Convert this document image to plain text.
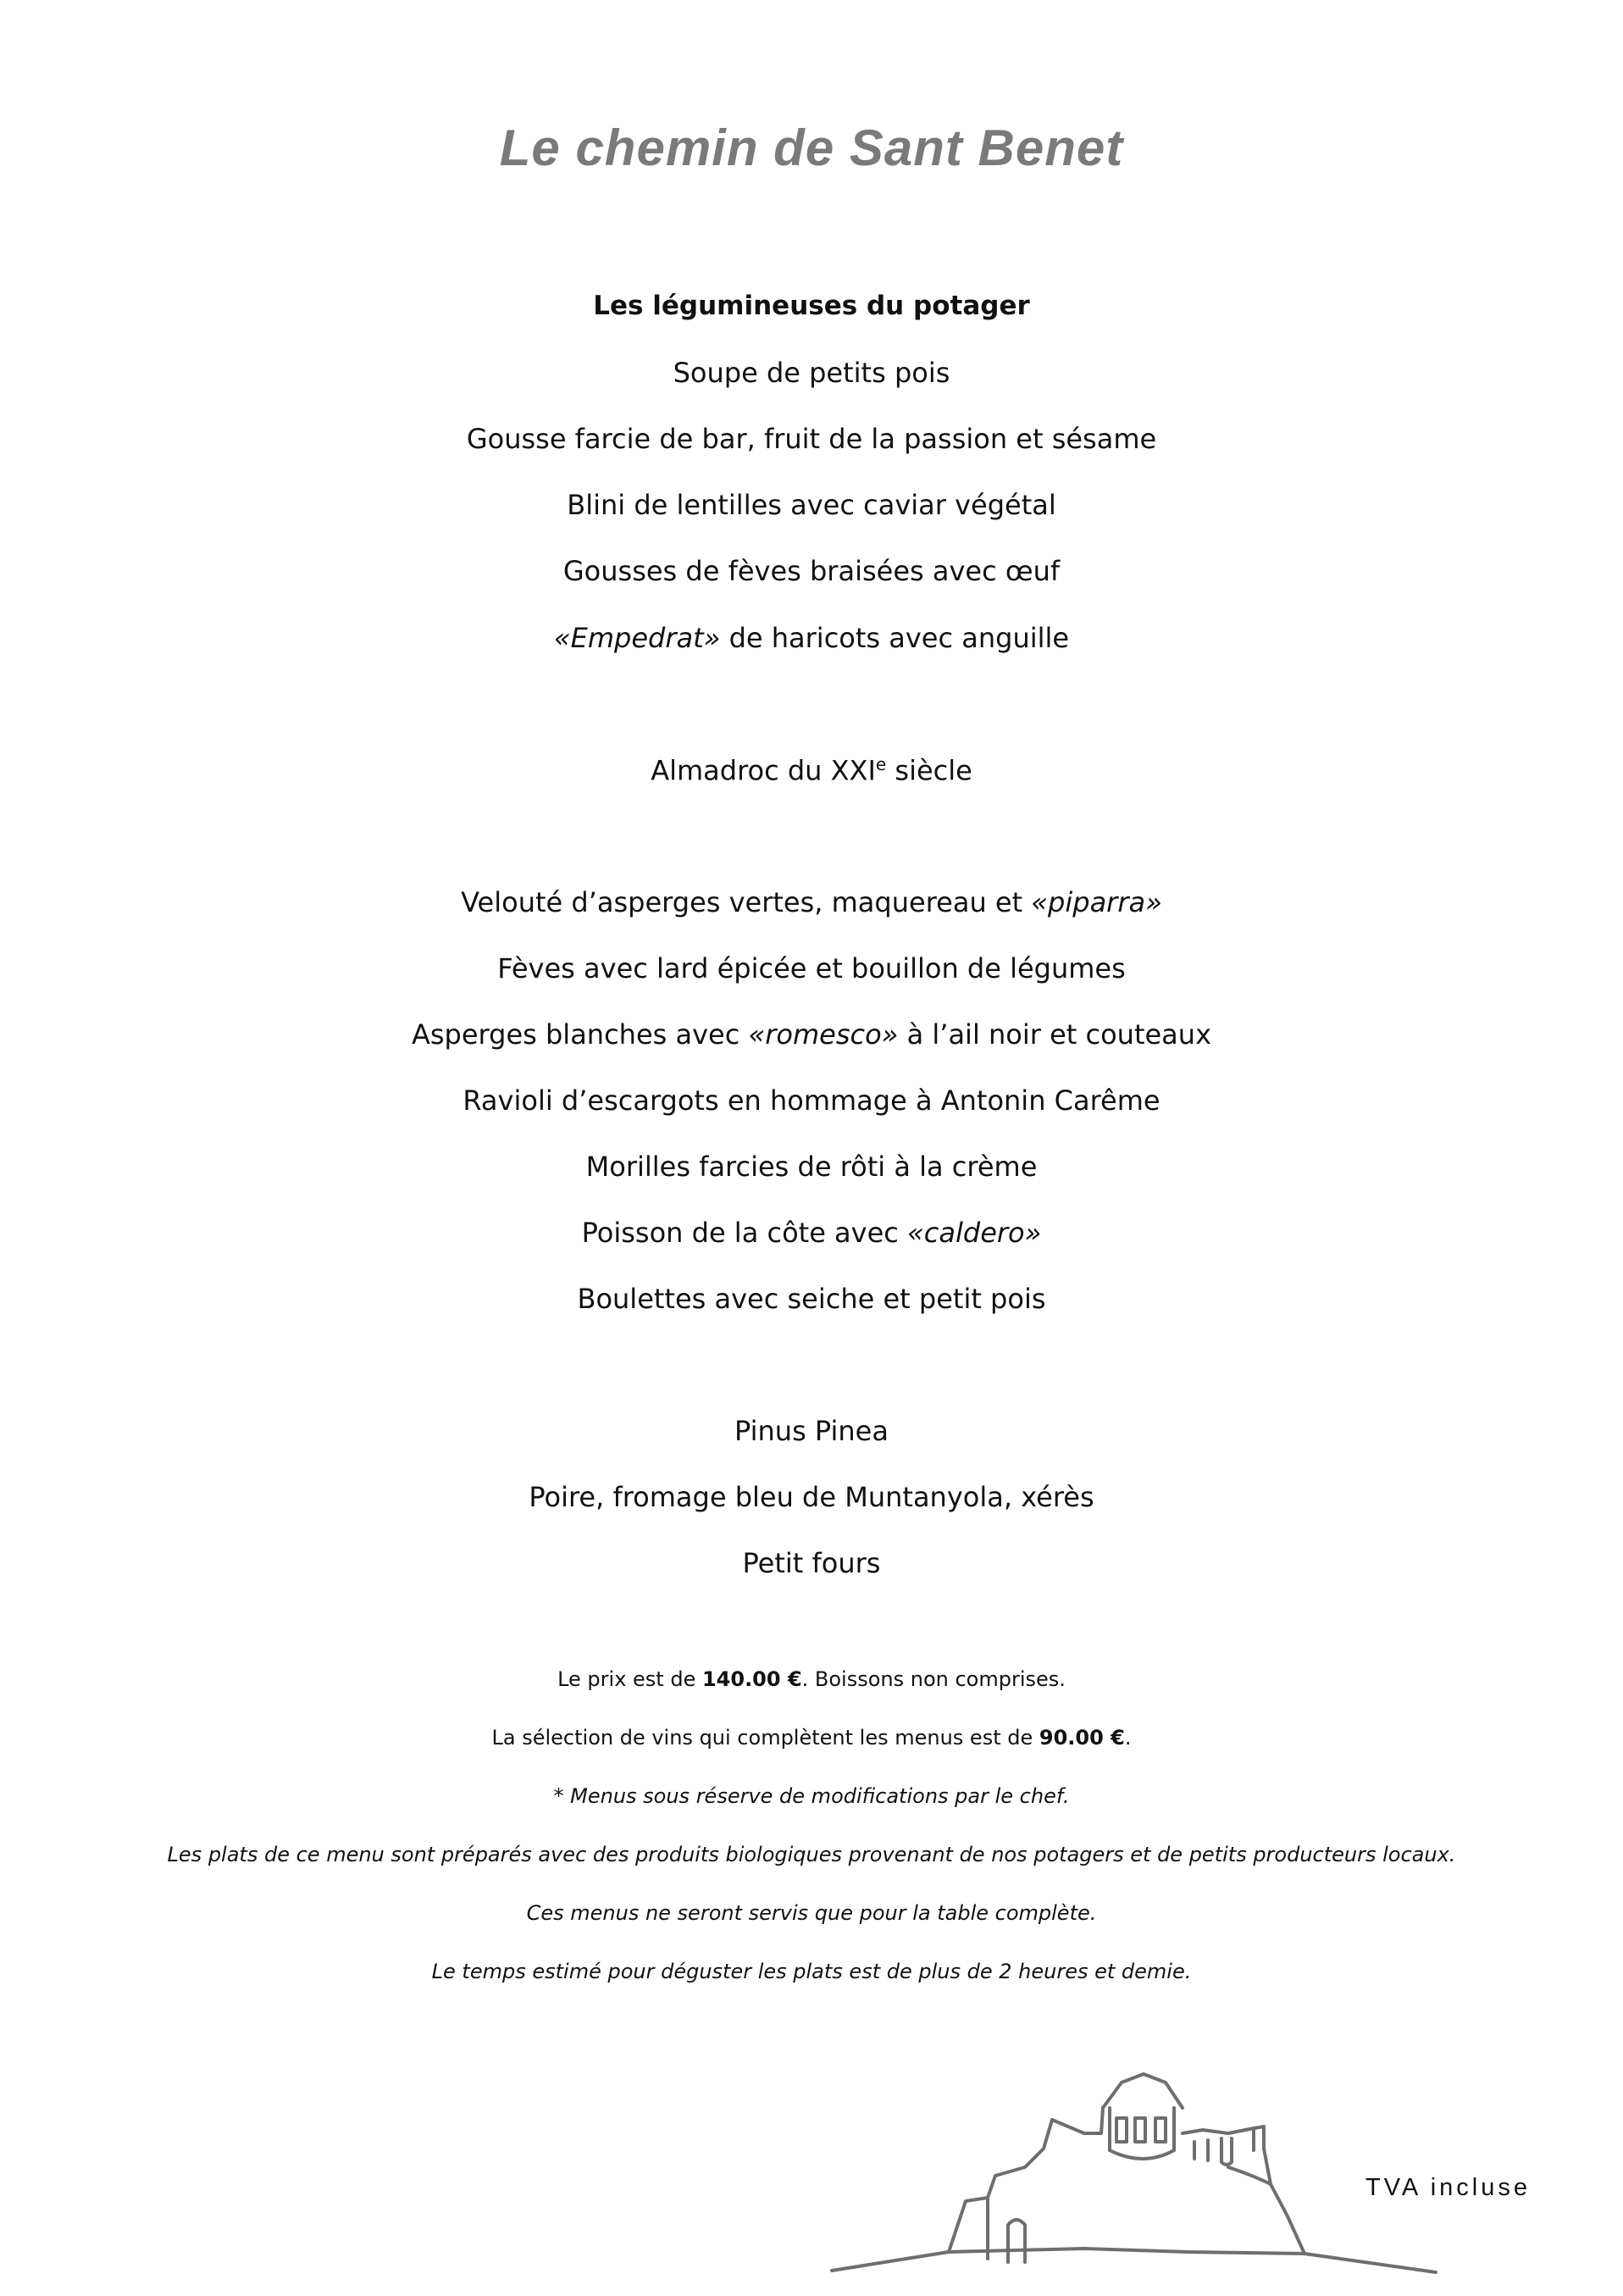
Le chemin de Sant Benet
Les légumineuses du potager
Soupe de petits pois
Gousse farcie de bar, fruit de la passion et sésame
Blini de lentilles avec caviar végétal
Gousses de fèves braisées avec œuf
«Empedrat» de haricots avec anguille
Almadroc du XXIe siècle
Velouté d’asperges vertes, maquereau et «piparra»
Fèves avec lard épicée et bouillon de légumes
Asperges blanches avec «romesco» à l’ail noir et couteaux
Ravioli d’escargots en hommage à Antonin Carême
Morilles farcies de rôti à la crème
Poisson de la côte avec «caldero»
Boulettes avec seiche et petit pois
Pinus Pinea
Poire, fromage bleu de Muntanyola, xérès
Petit fours
Le prix est de 140.00 €. Boissons non comprises.
La sélection de vins qui complètent les menus est de 90.00 €.
* Menus sous réserve de modifications par le chef.
Les plats de ce menu sont préparés avec des produits biologiques provenant de nos potagers et de petits producteurs locaux.
Ces menus ne seront servis que pour la table complète.
Le temps estimé pour déguster les plats est de plus de 2 heures et demie.
TVA incluse
